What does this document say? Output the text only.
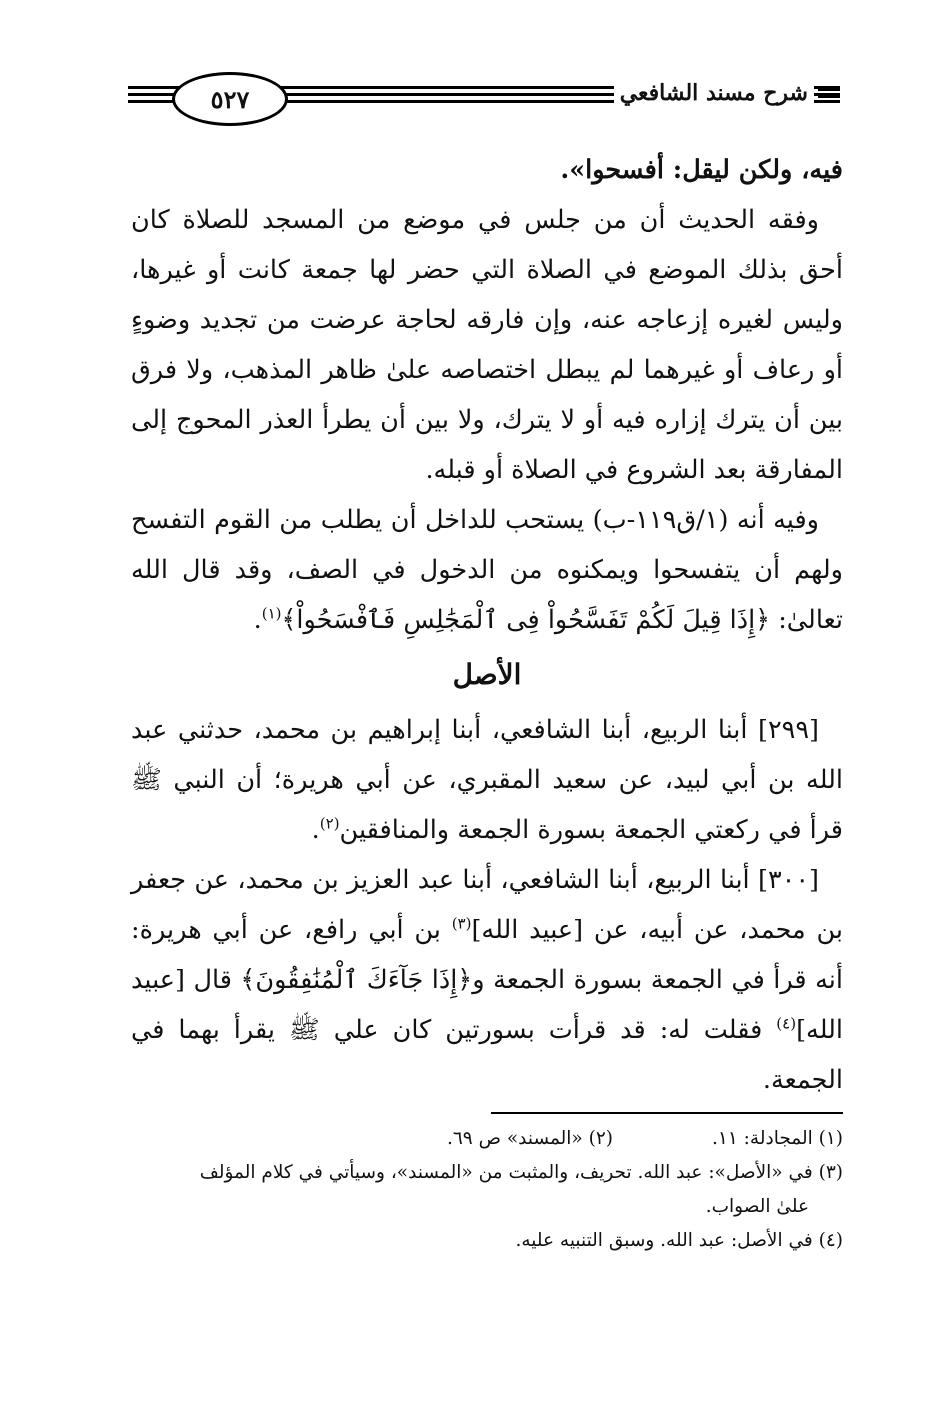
شرح مسند الشافعي
٥٢٧

فيه، ولكن ليقل: أفسحوا».

وفقه الحديث أن من جلس في موضع من المسجد للصلاة كان أحق بذلك الموضع في الصلاة التي حضر لها جمعة كانت أو غيرها، وليس لغيره إزعاجه عنه، وإن فارقه لحاجة عرضت من تجديد وضوءٍ أو رعاف أو غيرهما لم يبطل اختصاصه علىٰ ظاهر المذهب، ولا فرق بين أن يترك إزاره فيه أو لا يترك، ولا بين أن يطرأ العذر المحوج إلى المفارقة بعد الشروع في الصلاة أو قبله.

وفيه أنه (١/ق١١٩-ب) يستحب للداخل أن يطلب من القوم التفسح ولهم أن يتفسحوا ويمكنوه من الدخول في الصف، وقد قال الله تعالىٰ: ﴿إِذَا قِيلَ لَكُمْ تَفَسَّحُواْ فِى ٱلْمَجَٰلِسِ فَٱفْسَحُواْ﴾$^{(١)}$.

الأصل

[٢٩٩] أبنا الربيع، أبنا الشافعي، أبنا إبراهيم بن محمد، حدثني عبد الله بن أبي لبيد، عن سعيد المقبري، عن أبي هريرة؛ أن النبي ﷺ قرأ في ركعتي الجمعة بسورة الجمعة والمنافقين$^{(٢)}$.

[٣٠٠] أبنا الربيع، أبنا الشافعي، أبنا عبد العزيز بن محمد، عن جعفر بن محمد، عن أبيه، عن [عبيد الله]$^{(٣)}$ بن أبي رافع، عن أبي هريرة: أنه قرأ في الجمعة بسورة الجمعة و﴿إِذَا جَآءَكَ ٱلْمُنَٰفِقُونَ﴾ قال [عبيد الله]$^{(٤)}$ فقلت له: قد قرأت بسورتين كان علي ﷺ يقرأ بهما في الجمعة.

(١) المجادلة: ١١.
(٢) «المسند» ص ٦٩.

(٣) في «الأصل»: عبد الله. تحريف، والمثبت من «المسند»، وسيأتي في كلام المؤلف

علىٰ الصواب.

(٤) في الأصل: عبد الله. وسبق التنبيه عليه.
